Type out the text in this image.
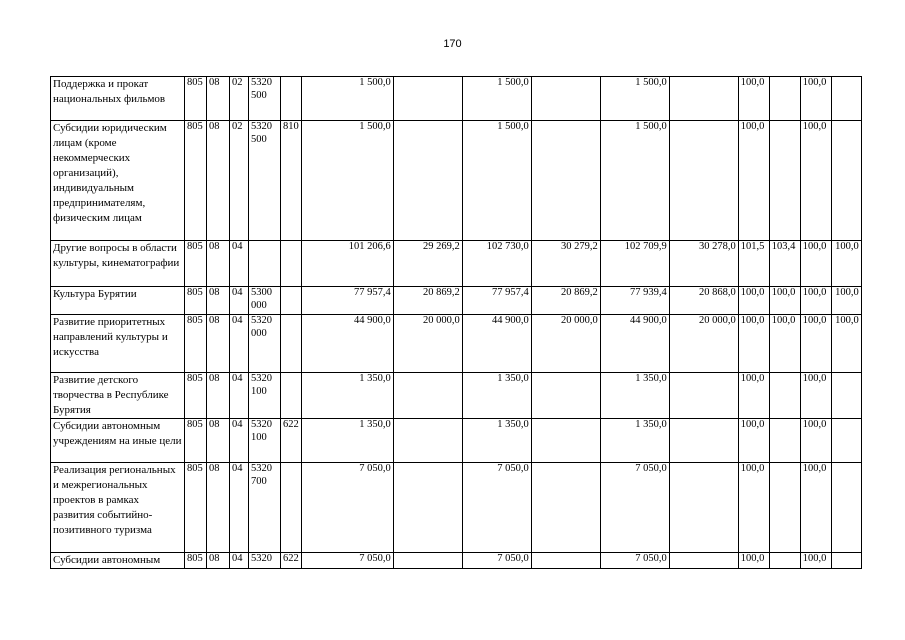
170
Поддержка и прокат национальных фильмов	805	08	02	5320 500		1 500,0		1 500,0		1 500,0		100,0		100,0	
Субсидии юридическим лицам (кроме некоммерческих организаций), индивидуальным предпринимателям, физическим лицам	805	08	02	5320 500	810	1 500,0		1 500,0		1 500,0		100,0		100,0	
Другие вопросы в области культуры, кинематографии	805	08	04			101 206,6	29 269,2	102 730,0	30 279,2	102 709,9	30 278,0	101,5	103,4	100,0	100,0
Культура Бурятии	805	08	04	5300 000		77 957,4	20 869,2	77 957,4	20 869,2	77 939,4	20 868,0	100,0	100,0	100,0	100,0
Развитие приоритетных направлений культуры и искусства	805	08	04	5320 000		44 900,0	20 000,0	44 900,0	20 000,0	44 900,0	20 000,0	100,0	100,0	100,0	100,0
Развитие детского творчества в Республике Бурятия	805	08	04	5320 100		1 350,0		1 350,0		1 350,0		100,0		100,0	
Субсидии автономным учреждениям на иные цели	805	08	04	5320 100	622	1 350,0		1 350,0		1 350,0		100,0		100,0	
Реализация региональных и межрегиональных проектов в рамках развития событийно-позитивного туризма	805	08	04	5320 700		7 050,0		7 050,0		7 050,0		100,0		100,0	
Субсидии автономным	805	08	04	5320	622	7 050,0		7 050,0		7 050,0		100,0		100,0	
